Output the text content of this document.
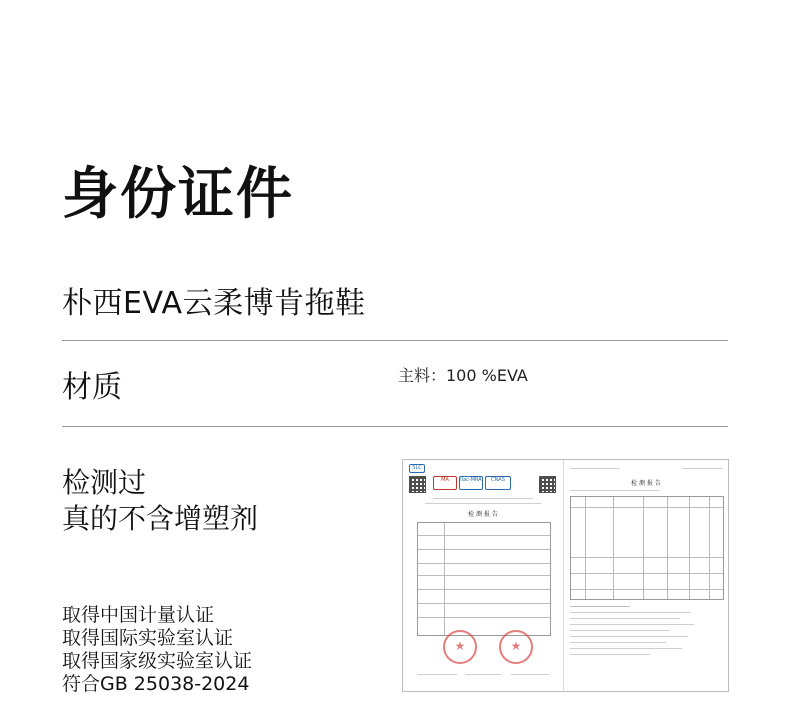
身份证件
朴西EVA云柔博肯拖鞋
材质	主料：100 %EVA
检测过
真的不含增塑剂
取得中国计量认证
取得国际实验室认证
取得国家级实验室认证
符合GB 25038-2024
SLC
MA	ilac-MRA	CNAS
检 测 报 告
★	★
检 测 报 告
